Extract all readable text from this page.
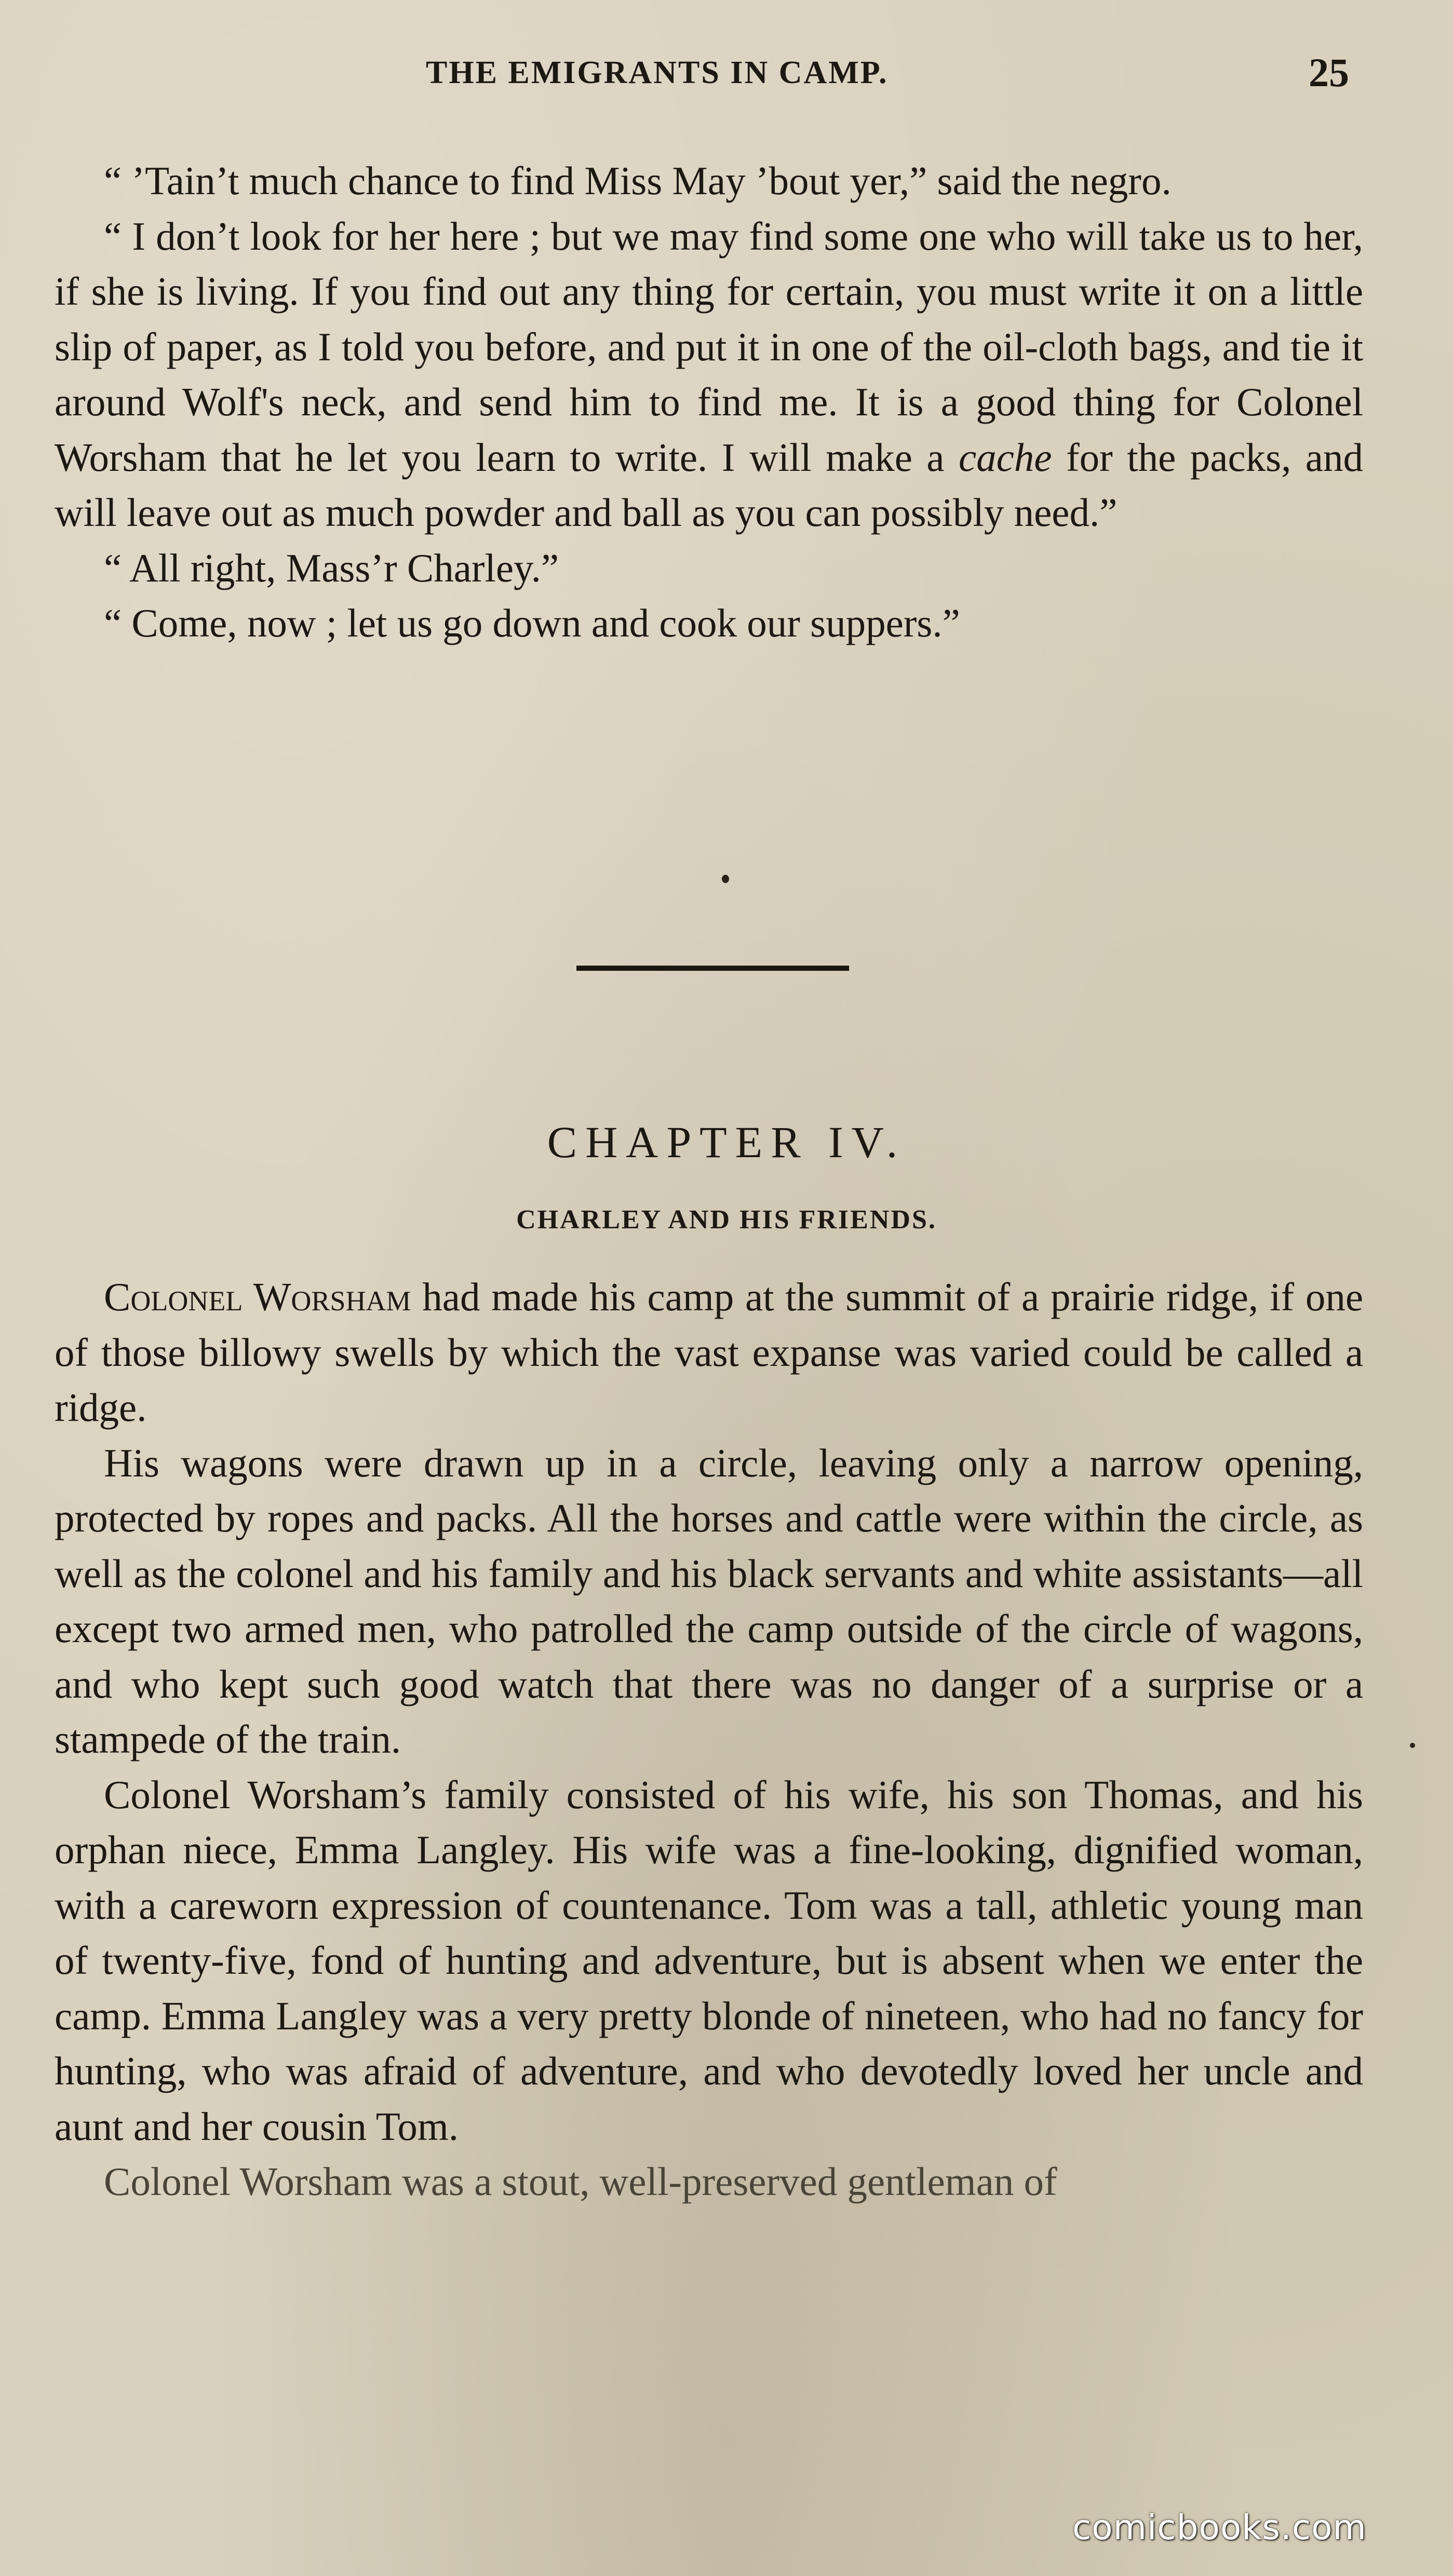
THE EMIGRANTS IN CAMP.	25

“ ’Tain’t much chance to find Miss May ’bout yer,” said the negro.

“ I don’t look for her here ; but we may find some one who will take us to her, if she is living. If you find out any thing for certain, you must write it on a little slip of paper, as I told you before, and put it in one of the oil-cloth bags, and tie it around Wolf's neck, and send him to find me. It is a good thing for Colonel Worsham that he let you learn to write. I will make a cache for the packs, and will leave out as much powder and ball as you can possibly need.”

“ All right, Mass’r Charley.”

“ Come, now ; let us go down and cook our suppers.”

CHAPTER IV.
CHARLEY AND HIS FRIENDS.

Colonel Worsham had made his camp at the summit of a prairie ridge, if one of those billowy swells by which the vast expanse was varied could be called a ridge.

His wagons were drawn up in a circle, leaving only a narrow opening, protected by ropes and packs. All the horses and cattle were within the circle, as well as the colonel and his family and his black servants and white assistants—all except two armed men, who patrolled the camp outside of the circle of wagons, and who kept such good watch that there was no danger of a surprise or a stampede of the train.

Colonel Worsham’s family consisted of his wife, his son Thomas, and his orphan niece, Emma Langley. His wife was a fine-looking, dignified woman, with a careworn expression of countenance. Tom was a tall, athletic young man of twenty-five, fond of hunting and adventure, but is absent when we enter the camp. Emma Langley was a very pretty blonde of nineteen, who had no fancy for hunting, who was afraid of adventure, and who devotedly loved her uncle and aunt and her cousin Tom.

Colonel Worsham was a stout, well-preserved gentleman of

comicbooks.com
